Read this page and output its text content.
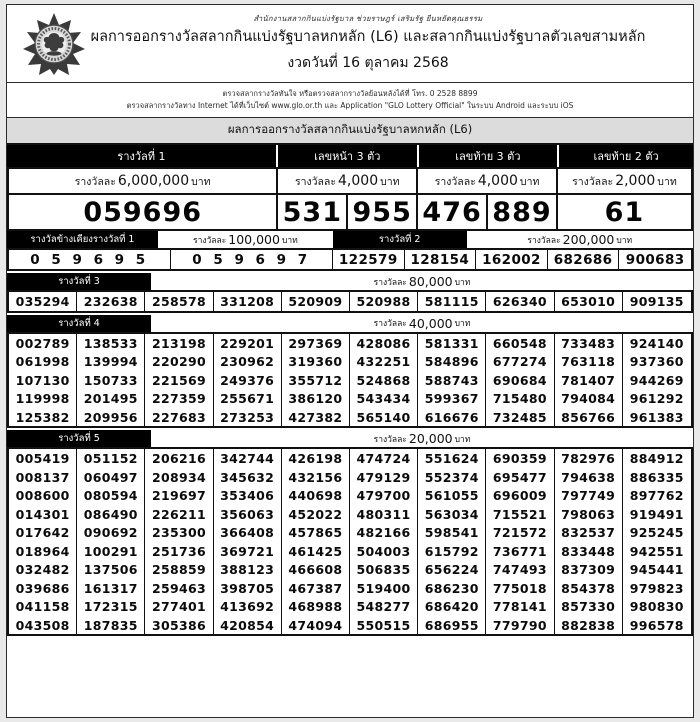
สำนักงานสลากกินแบ่งรัฐบาล ช่วยราษฎร์ เสริมรัฐ ยืนหยัดคุณธรรม
ผลการออกรางวัลสลากกินแบ่งรัฐบาลหกหลัก (L6) และสลากกินแบ่งรัฐบาลตัวเลขสามหลัก
งวดวันที่ 16 ตุลาคม 2568
ตรวจสลากรางวัลทันใจ หรือตรวจสลากรางวัลย้อนหลังได้ที่ โทร. 0 2528 8899
ตรวจสลากรางวัลทาง Internet ได้ที่เว็บไซต์ www.glo.or.th และ Application "GLO Lottery Official" ในระบบ Android และระบบ iOS
ผลการออกรางวัลสลากกินแบ่งรัฐบาลหกหลัก (L6)
รางวัลที่ 1	เลขหน้า 3 ตัว	เลขท้าย 3 ตัว	เลขท้าย 2 ตัว
รางวัลละ 6,000,000 บาท	รางวัลละ 4,000 บาท	รางวัลละ 4,000 บาท	รางวัลละ 2,000 บาท
059696	531 955 476 889	61
รางวัลข้างเคียงรางวัลที่ 1	รางวัลละ 100,000 บาท	รางวัลที่ 2	รางวัลละ 200,000 บาท
0 5 9 6 9 5	0 5 9 6 9 7	122579 128154 162002 682686 900683
รางวัลที่ 3	รางวัลละ 80,000 บาท
035294	232638	258578	331208	520909	520988	581115	626340	653010	909135
รางวัลที่ 4	รางวัลละ 40,000 บาท
002789	138533	213198	229201	297369	428086	581331	660548	733483	924140
061998	139994	220290	230962	319360	432251	584896	677274	763118	937360
107130	150733	221569	249376	355712	524868	588743	690684	781407	944269
119998	201495	227359	255671	386120	543434	599367	715480	794084	961292
125382	209956	227683	273253	427382	565140	616676	732485	856766	961383
รางวัลที่ 5	รางวัลละ 20,000 บาท
005419	051152	206216	342744	426198	474724	551624	690359	782976	884912
008137	060497	208934	345632	432156	479129	552374	695477	794638	886335
008600	080594	219697	353406	440698	479700	561055	696009	797749	897762
014301	086490	226211	356063	452022	480311	563034	715521	798063	919491
017642	090692	235300	366408	457865	482166	598541	721572	832537	925245
018964	100291	251736	369721	461425	504003	615792	736771	833448	942551
032482	137506	258859	388123	466608	506835	656224	747493	837309	945441
039686	161317	259463	398705	467387	519400	686230	775018	854378	979823
041158	172315	277401	413692	468988	548277	686420	778141	857330	980830
043508	187835	305386	420854	474094	550515	686955	779790	882838	996578
